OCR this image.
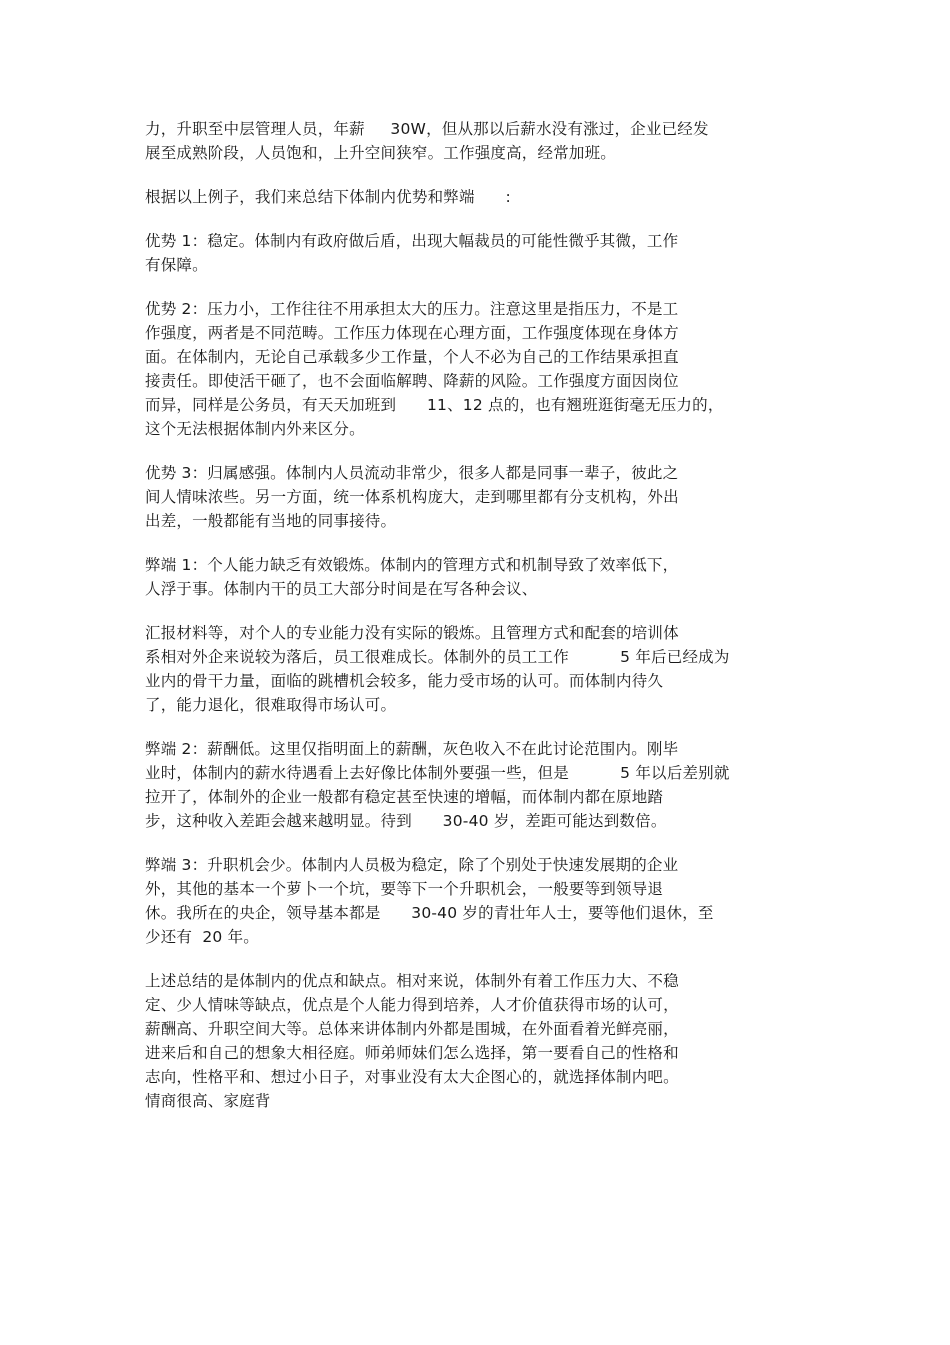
力，升职至中层管理人员，年薪     30W，但从那以后薪水没有涨过，企业已经发
展至成熟阶段，人员饱和，上升空间狭窄。工作强度高，经常加班。
根据以上例子，我们来总结下体制内优势和弊端      :
优势 1：稳定。体制内有政府做后盾，出现大幅裁员的可能性微乎其微，工作
有保障。
优势 2：压力小，工作往往不用承担太大的压力。注意这里是指压力，不是工
作强度，两者是不同范畴。工作压力体现在心理方面，工作强度体现在身体方
面。在体制内，无论自己承载多少工作量，个人不必为自己的工作结果承担直
接责任。即使活干砸了，也不会面临解聘、降薪的风险。工作强度方面因岗位
而异，同样是公务员，有天天加班到      11、12 点的，也有翘班逛街毫无压力的，
这个无法根据体制内外来区分。
优势 3：归属感强。体制内人员流动非常少，很多人都是同事一辈子，彼此之
间人情味浓些。另一方面，统一体系机构庞大，走到哪里都有分支机构，外出
出差，一般都能有当地的同事接待。
弊端 1：个人能力缺乏有效锻炼。体制内的管理方式和机制导致了效率低下，
人浮于事。体制内干的员工大部分时间是在写各种会议、
汇报材料等，对个人的专业能力没有实际的锻炼。且管理方式和配套的培训体
系相对外企来说较为落后，员工很难成长。体制外的员工工作          5 年后已经成为
业内的骨干力量，面临的跳槽机会较多，能力受市场的认可。而体制内待久
了，能力退化，很难取得市场认可。
弊端 2：薪酬低。这里仅指明面上的薪酬，灰色收入不在此讨论范围内。刚毕
业时，体制内的薪水待遇看上去好像比体制外要强一些，但是          5 年以后差别就
拉开了，体制外的企业一般都有稳定甚至快速的增幅，而体制内都在原地踏
步，这种收入差距会越来越明显。待到      30-40 岁，差距可能达到数倍。
弊端 3：升职机会少。体制内人员极为稳定，除了个别处于快速发展期的企业
外，其他的基本一个萝卜一个坑，要等下一个升职机会，一般要等到领导退
休。我所在的央企，领导基本都是      30-40 岁的青壮年人士，要等他们退休，至
少还有  20 年。
上述总结的是体制内的优点和缺点。相对来说，体制外有着工作压力大、不稳
定、少人情味等缺点，优点是个人能力得到培养，人才价值获得市场的认可，
薪酬高、升职空间大等。总体来讲体制内外都是围城，在外面看着光鲜亮丽，
进来后和自己的想象大相径庭。师弟师妹们怎么选择，第一要看自己的性格和
志向，性格平和、想过小日子，对事业没有太大企图心的，就选择体制内吧。
情商很高、家庭背
